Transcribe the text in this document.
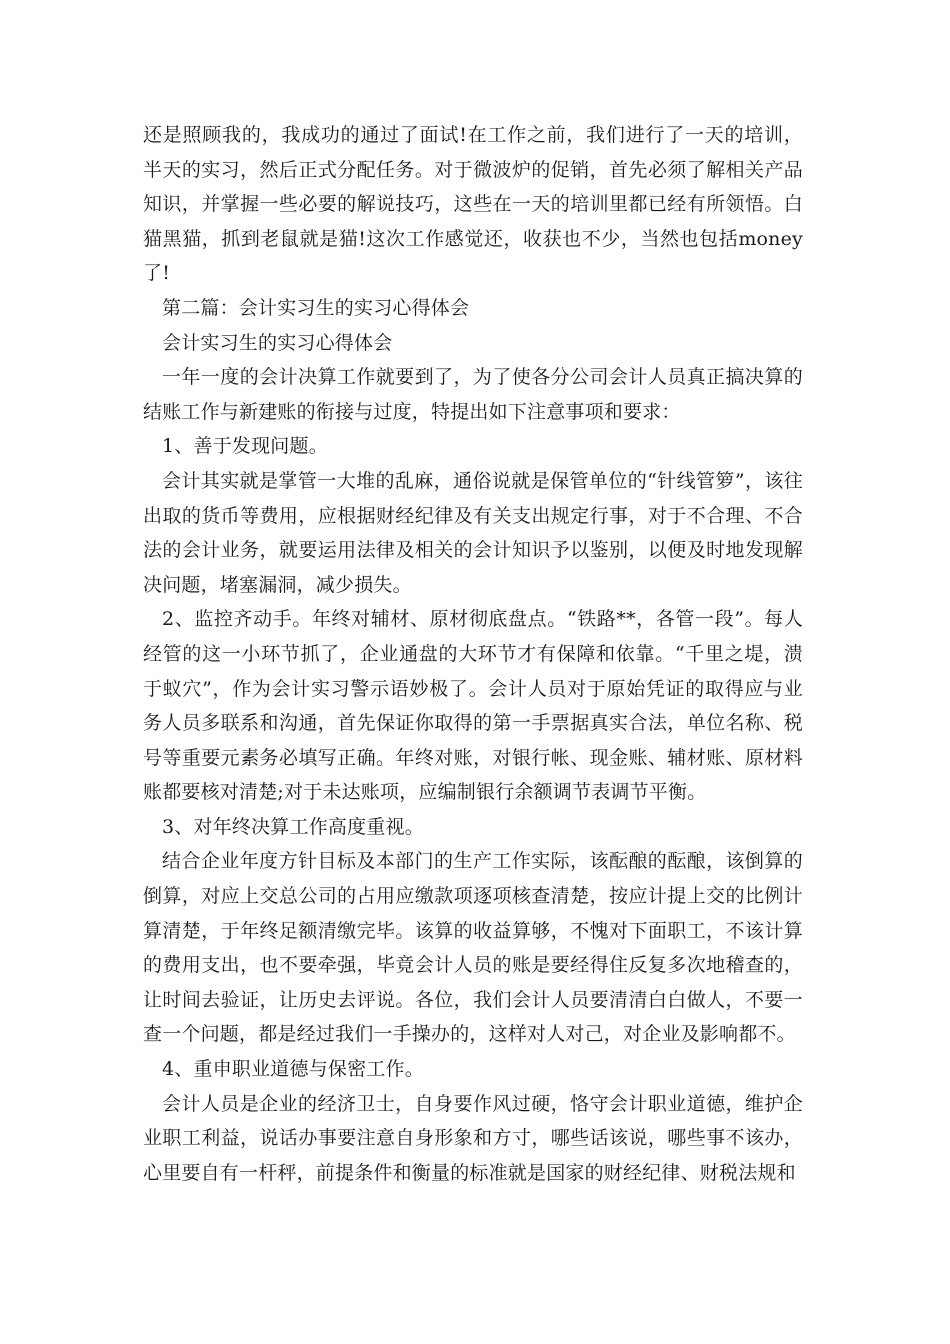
还是照顾我的，我成功的通过了面试!在工作之前，我们进行了一天的培训，半天的实习，然后正式分配任务。对于微波炉的促销，首先必须了解相关产品知识，并掌握一些必要的解说技巧，这些在一天的培训里都已经有所领悟。白猫黑猫，抓到老鼠就是猫!这次工作感觉还，收获也不少，当然也包括money 了!

第二篇：会计实习生的实习心得体会

会计实习生的实习心得体会

一年一度的会计决算工作就要到了，为了使各分公司会计人员真正搞决算的结账工作与新建账的衔接与过度，特提出如下注意事项和要求：

1、善于发现问题。

会计其实就是掌管一大堆的乱麻，通俗说就是保管单位的“针线管箩”，该往出取的货币等费用，应根据财经纪律及有关支出规定行事，对于不合理、不合法的会计业务，就要运用法律及相关的会计知识予以鉴别，以便及时地发现解决问题，堵塞漏洞，减少损失。

2、监控齐动手。年终对辅材、原材彻底盘点。“铁路**，各管一段”。每人经管的这一小环节抓了，企业通盘的大环节才有保障和依靠。“千里之堤，溃于蚁穴”，作为会计实习警示语妙极了。会计人员对于原始凭证的取得应与业务人员多联系和沟通，首先保证你取得的第一手票据真实合法，单位名称、税号等重要元素务必填写正确。年终对账，对银行帐、现金账、辅材账、原材料账都要核对清楚;对于未达账项，应编制银行余额调节表调节平衡。

3、对年终决算工作高度重视。

结合企业年度方针目标及本部门的生产工作实际，该酝酿的酝酿，该倒算的倒算，对应上交总公司的占用应缴款项逐项核查清楚，按应计提上交的比例计算清楚，于年终足额清缴完毕。该算的收益算够，不愧对下面职工，不该计算的费用支出，也不要牵强，毕竟会计人员的账是要经得住反复多次地稽查的，让时间去验证，让历史去评说。各位，我们会计人员要清清白白做人，不要一查一个问题，都是经过我们一手操办的，这样对人对己，对企业及影响都不。

4、重申职业道德与保密工作。

会计人员是企业的经济卫士，自身要作风过硬，恪守会计职业道德，维护企业职工利益，说话办事要注意自身形象和方寸，哪些话该说，哪些事不该办，心里要自有一杆秤，前提条件和衡量的标准就是国家的财经纪律、财税法规和
